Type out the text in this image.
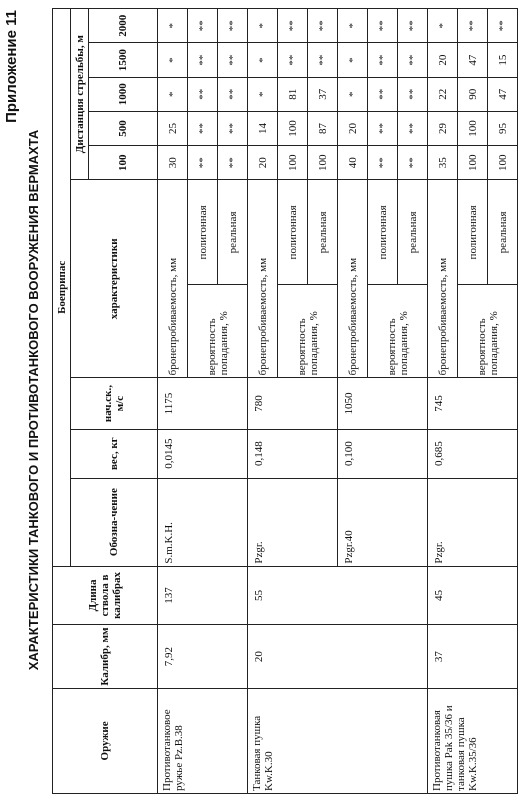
Приложение 11
ХАРАКТЕРИСТИКИ ТАНКОВОГО И ПРОТИВОТАНКОВОГО ВООРУЖЕНИЯ ВЕРМАХТА
Оружие	Калибр, мм	Длина ствола в калибрах	Боеприпас									
			Обозна-чение	вес, кг	нач.ск., м/с	характеристики		Дистанция стрельбы, м				
								100	500	1000	1500	2000
Противотанковое ружье Pz.B.38	7,92	137	S.m.K.H.	0,0145	1175	бронепробиваемость, мм		30	25	*	*	*
						вероятность попадания, %	полигонная	**	**	**	**	**
							реальная	**	**	**	**	**
Танковая пушка Kw.K.30	20	55	Pzgr.	0,148	780	бронепробиваемость, мм		20	14	*	*	*
						вероятность попадания, %	полигонная	100	100	81	**	**
							реальная	100	87	37	**	**
			Pzgr.40	0,100	1050	бронепробиваемость, мм		40	20	*	*	*
						вероятность попадания, %	полигонная	**	**	**	**	**
							реальная	**	**	**	**	**
Противотанковая пушка Pak 35/36 и танковая пушка Kw.K.35/36	37	45	Pzgr.	0,685	745	бронепробиваемость, мм		35	29	22	20	*
						вероятность попадания, %	полигонная	100	100	90	47	**
							реальная	100	95	47	15	**
